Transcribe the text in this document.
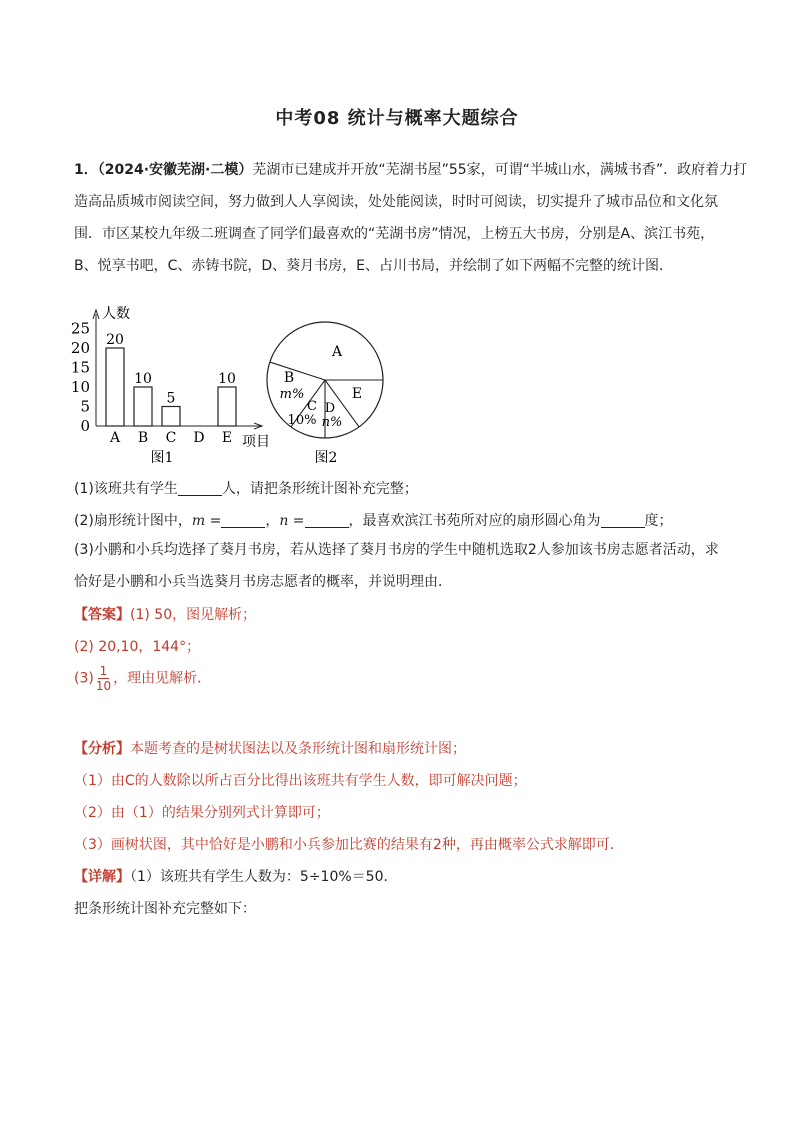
中考08 统计与概率大题综合
1．（2024·安徽芜湖·二模）芜湖市已建成并开放“芜湖书屋”55家，可谓“半城山水，满城书香”．政府着力打
造高品质城市阅读空间，努力做到人人享阅读，处处能阅读，时时可阅读，切实提升了城市品位和文化氛
围．市区某校九年级二班调查了同学们最喜欢的“芜湖书房”情况，上榜五大书房，分别是A、滨江书苑，
B、悦享书吧，C、赤铸书院，D、葵月书房，E、占川书局，并绘制了如下两幅不完整的统计图．
0
5
10
15
20
25
人数
20
A
10
B
5
C D
10
E 项目
图1
A
E
B
m%
C
10%
D
n%
图2
(1)该班共有学生	人，请把条形统计图补充完整；
(2)扇形统计图中，m =	，n =	，最喜欢滨江书苑所对应的扇形圆心角为	度；
(3)小鹏和小兵均选择了葵月书房，若从选择了葵月书房的学生中随机选取2人参加该书房志愿者活动，求
恰好是小鹏和小兵当选葵月书房志愿者的概率，并说明理由．
【答案】(1) 50，图见解析；
(2) 20,10，144°；
$(3) \frac{1}{10}$ ，理由见解析．
【分析】本题考查的是树状图法以及条形统计图和扇形统计图；
（1）由C的人数除以所占百分比得出该班共有学生人数，即可解决问题；
（2）由（1）的结果分别列式计算即可；
（3）画树状图，其中恰好是小鹏和小兵参加比赛的结果有2种，再由概率公式求解即可．
【详解】（1）该班共有学生人数为：5÷10%＝50．
把条形统计图补充完整如下：
